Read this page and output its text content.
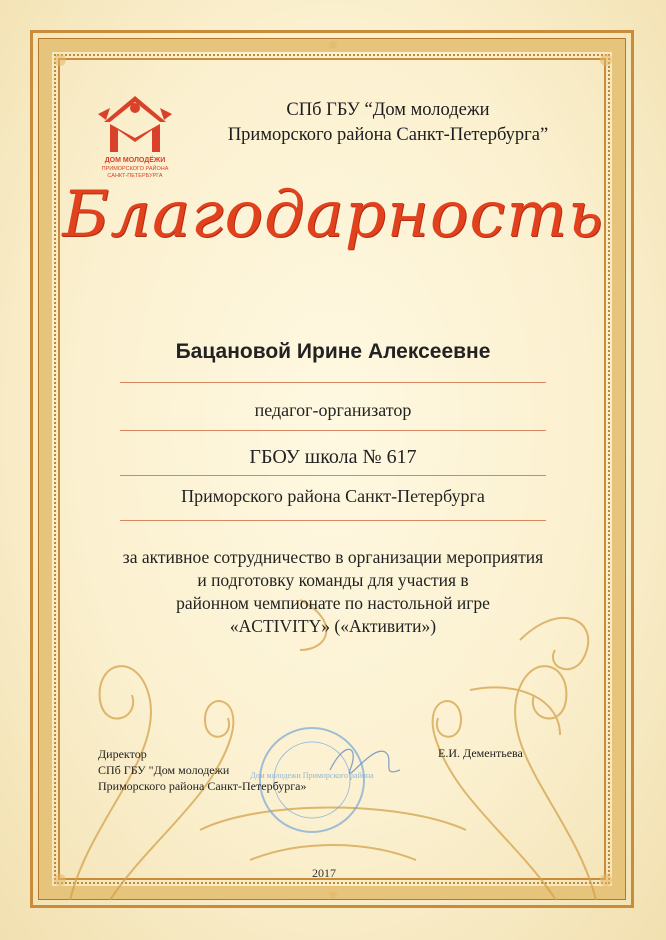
ДОМ МОЛОДЁЖИ
ПРИМОРСКОГО РАЙОНА
САНКТ-ПЕТЕРБУРГА
СПб ГБУ “Дом молодежи
Приморского района Санкт-Петербурга”
Благодарность
Бацановой Ирине Алексеевне
педагог-организатор
ГБОУ школа № 617
Приморского района Санкт-Петербурга
за активное сотрудничество в организации мероприятия
и подготовку команды для участия в
районном чемпионате по настольной игре
«ACTIVITY» («Активити»)
Дом молодежи Приморского района
Директор
СПб ГБУ "Дом молодежи
Приморского района Санкт-Петербурга»
Е.И. Дементьева
2017
